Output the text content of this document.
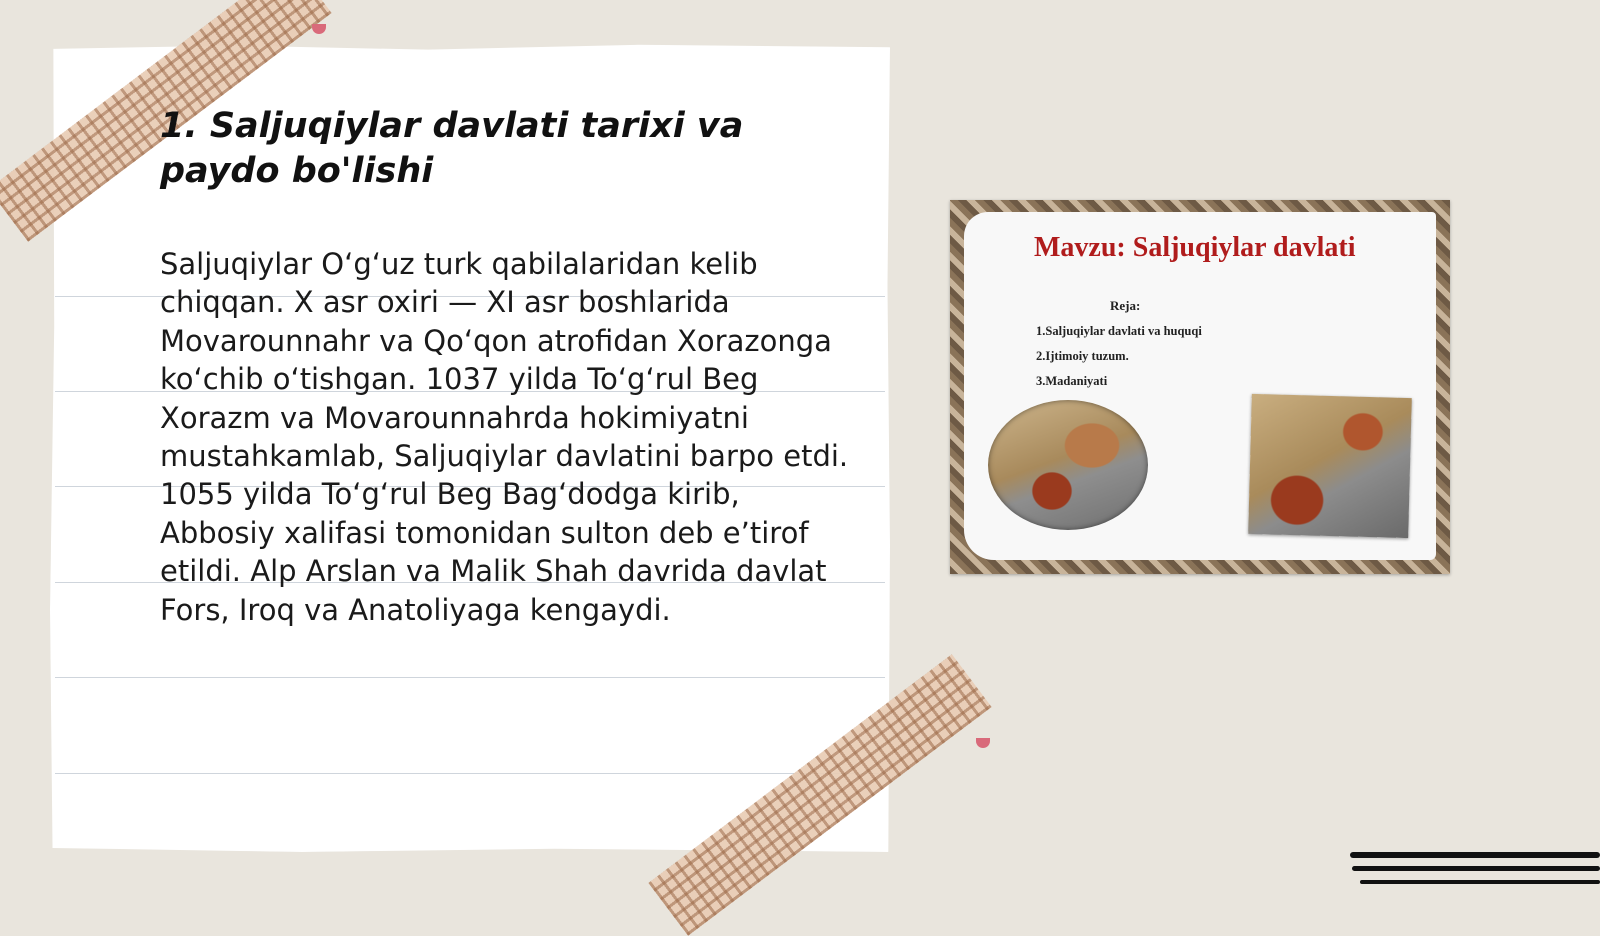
1. Saljuqiylar davlati tarixi va paydo bo'lishi

Saljuqiylar O‘g‘uz turk qabilalaridan kelib chiqqan. X asr oxiri — XI asr boshlarida Movarounnahr va Qo‘qon atrofidan Xorazonga ko‘chib o‘tishgan. 1037 yilda To‘g‘rul Beg Xorazm va Movarounnahrda hokimiyatni mustahkamlab, Saljuqiylar davlatini barpo etdi. 1055 yilda To‘g‘rul Beg Bag‘dodga kirib, Abbosiy xalifasi tomonidan sulton deb e’tirof etildi. Alp Arslan va Malik Shah davrida davlat Fors, Iroq va Anatoliyaga kengaydi.

Mavzu: Saljuqiylar davlati
Reja:
1.Saljuqiylar davlati va huquqi
2.Ijtimoiy tuzum.
3.Madaniyati
